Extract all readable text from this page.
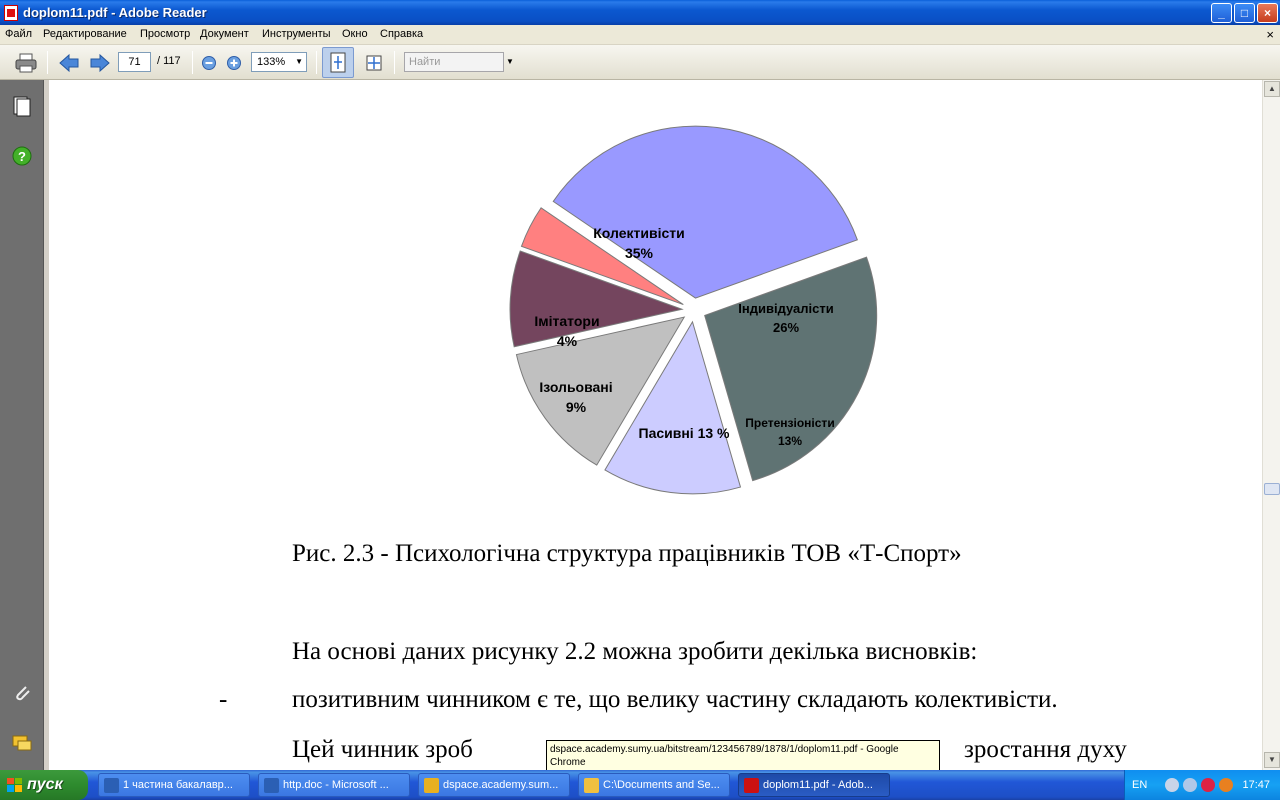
doplom11.pdf - Adobe Reader	_	□	×
Файл Редактирование Просмотр Документ Инструменты Окно Справка	×
71	/ 117	133% ▼	Найти	▼
?
Колективісти 35%
Індивідуалісти 26%
Претензіоністи 13%
Пасивні 13 %
Ізольовані 9%
Імітатори 4%
Рис. 2.3 - Психологічна структура працівників ТОВ «Т-Спорт»
На основі даних рисунку 2.2 можна зробити декілька висновків:
-	позитивним чинником є те, що велику частину складають колективісти.
Цей чинник зроб	зростання духу
▲
▼
dspace.academy.sumy.ua/bitstream/123456789/1878/1/doplom11.pdf - Google Chrome
пуск	1 частина бакалавр...	http.doc - Microsoft ...	dspace.academy.sum...	C:\Documents and Se...	doplom11.pdf - Adob...	EN	17:47
